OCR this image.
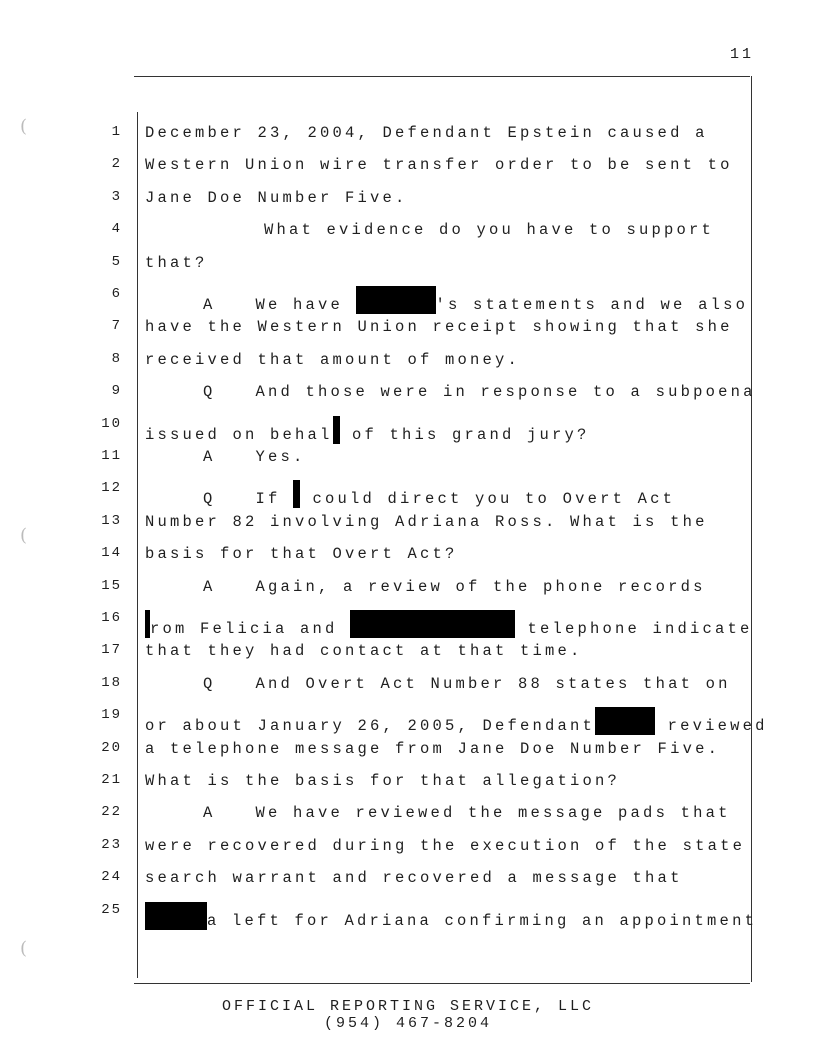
11
1 December 23, 2004, Defendant Epstein caused a
2 Western Union wire transfer order to be sent to
3 Jane Doe Number Five.
4	What evidence do you have to support
5 that?
6
A	We have	's statements and we also
7 have the Western Union receipt showing that she
8 received that amount of money.
9	Q	And those were in response to a subpoena
10
issued on behal of this grand jury?
11	A	Yes.
12
Q	If  could direct you to Overt Act
13 Number 82 involving Adriana Ross. What is the
14 basis for that Overt Act?
15	A	Again, a review of the phone records
16
rom Felicia and	telephone indicate
17 that they had contact at that time.
18	Q	And Overt Act Number 88 states that on
19
or about January 26, 2005, Defendant	reviewed
20 a telephone message from Jane Doe Number Five.
21 What is the basis for that allegation?
22	A	We have reviewed the message pads that
23 were recovered during the execution of the state
24 search warrant and recovered a message that
25
a left for Adriana confirming an appointment
OFFICIAL REPORTING SERVICE, LLC
(954) 467-8204
(
(
(
